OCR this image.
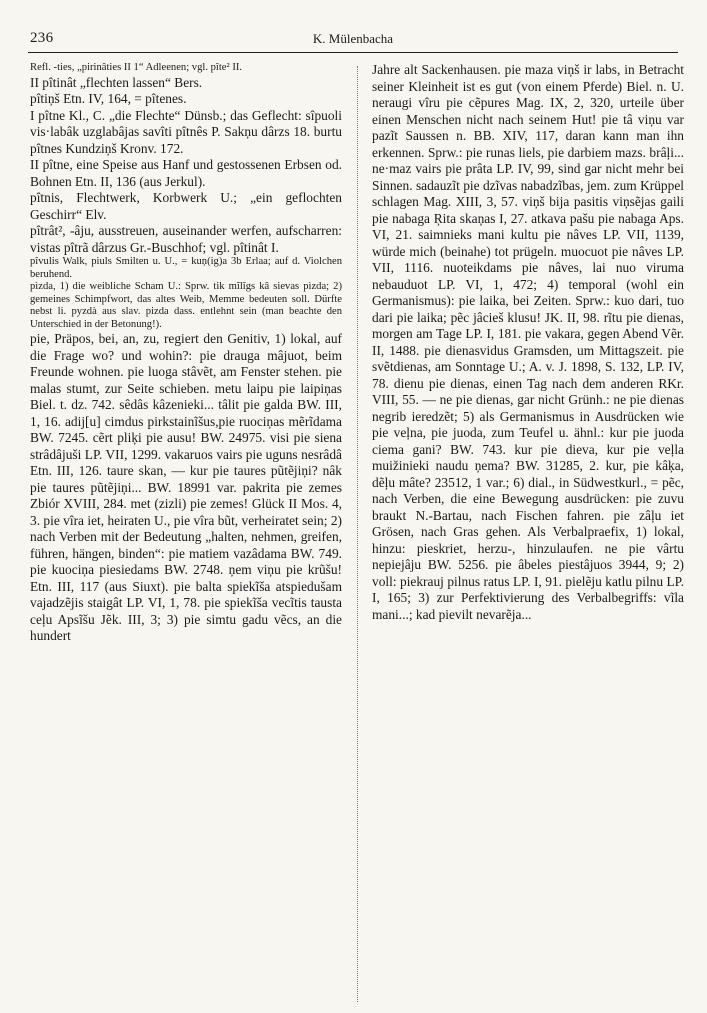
236	K. Mülenbacha

Refl. -ties, „pirinâties II 1“ Adleenen; vgl. pîte² II.

II pîtinât „flechten lassen“ Bers.

pîtiņš Etn. IV, 164, = pîtenes.

I pîtne Kl., C. „die Flechte“ Dünsb.; das Geflecht: sîpuoli vis·labâk uzglabâjas savîti pîtnês P. Sakņu dârzs 18. burtu pîtnes Kundziņš Kronv. 172.

II pîtne, eine Speise aus Hanf und gestossenen Erbsen od. Bohnen Etn. II, 136 (aus Jerkul).

pîtnis, Flechtwerk, Korbwerk U.; „ein geflochten Geschirr“ Elv.

pîtrât², -âju, ausstreuen, auseinander werfen, aufscharren: vistas pîtrã dârzus Gr.-Buschhof; vgl. pîtinât I.

pîvulis Walk, piuls Smilten u. U., = kuņ(ig)a 3b Erlaa; auf d. Violchen beruhend.

pìzda, 1) die weibliche Scham U.: Sprw. tik mĩlĩgs kâ sievas pìzda; 2) gemeines Schimpfwort, das altes Weib, Memme bedeuten soll. Dürfte nebst li. pyzdà aus slav. pizda dass. entlehnt sein (man beachte den Unterschied in der Betonung!).

pie, Präpos, bei, an, zu, regiert den Genitiv, 1) lokal, auf die Frage wo? und wohin?: pie drauga mâjuot, beim Freunde wohnen. pie luoga stâvẽt, am Fenster stehen. pie malas stumt, zur Seite schieben. metu laipu pie laipiņas Biel. t. dz. 742. sêdâs kâzenieki... tâlit pie galda BW. III, 1, 16. adij[u] cimdus pirkstainĩšus,pie ruociņas mẽrĩdama BW. 7245. cẽrt pliķi pie ausu! BW. 24975. visi pie siena strâdâjuši LP. VII, 1299. vakaruos vairs pie uguns nesrâdâ Etn. III, 126. taure skan, — kur pie taures pũtẽjiņi? nâk pie taures pũtẽjiņi... BW. 18991 var. pakrita pie zemes Zbiór XVIII, 284. met (zizli) pie zemes! Glück II Mos. 4, 3. pie vîra iet, heiraten U., pie vîra bũt, verheiratet sein; 2) nach Verben mit der Bedeutung „halten, nehmen, greifen, führen, hängen, binden“: pie matiem vazâdama BW. 749. pie kuociņa piesiedams BW. 2748. ņem viņu pie krũšu! Etn. III, 117 (aus Siuxt). pie balta spiekĩša atspiedušam vajadzẽjis staigât LP. VI, 1, 78. pie spiekĩša vecĩtis tausta ceļu Apsĩšu Jẽk. III, 3; 3) pie simtu gadu vẽcs, an die hundert

Jahre alt Sackenhausen. pie maza viņš ir labs, in Betracht seiner Kleinheit ist es gut (von einem Pferde) Biel. n. U. neraugi vîru pie cẽpures Mag. IX, 2, 320, urteile über einen Menschen nicht nach seinem Hut! pie tâ viņu var pazĩt Saussen n. BB. XIV, 117, daran kann man ihn erkennen. Sprw.: pie runas liels, pie darbiem mazs. brâļi... ne·maz vairs pie prâta LP. IV, 99, sind gar nicht mehr bei Sinnen. sadauzĩt pie dzĩvas nabadzĩbas, jem. zum Krüppel schlagen Mag. XIII, 3, 57. viņš bija pasitis viņsẽjas gaili pie nabaga Ŗita skaņas I, 27. atkava pašu pie nabaga Aps. VI, 21. saimnieks mani kultu pie nâves LP. VII, 1139, würde mich (beinahe) tot prügeln. muocuot pie nâves LP. VII, 1116. nuoteikdams pie nâves, lai nuo viruma nebauduot LP. VI, 1, 472; 4) temporal (wohl ein Germanismus): pie laika, bei Zeiten. Sprw.: kuo dari, tuo dari pie laika; pẽc jâcieš klusu! JK. II, 98. rĩtu pie dienas, morgen am Tage LP. I, 181. pie vakara, gegen Abend Vẽr. II, 1488. pie dienasvidus Gramsden, um Mittagszeit. pie svẽtdienas, am Sonntage U.; A. v. J. 1898, S. 132, LP. IV, 78. dienu pie dienas, einen Tag nach dem anderen RKr. VIII, 55. — ne pie dienas, gar nicht Grünh.: ne pie dienas negrib ieredzẽt; 5) als Germanismus in Ausdrücken wie pie veļna, pie juoda, zum Teufel u. ähnl.: kur pie juoda ciema gani? BW. 743. kur pie dieva, kur pie veļla muižinieki naudu ņema? BW. 31285, 2. kur, pie kâķa, dẽļu mâte? 23512, 1 var.; 6) dial., in Südwestkurl., = pẽc, nach Verben, die eine Bewegung ausdrücken: pie zuvu braukt N.-Bartau, nach Fischen fahren. pie zâļu iet Grösen, nach Gras gehen. Als Verbalpraefix, 1) lokal, hinzu: pieskriet, herzu-, hinzulaufen. ne pie vârtu nepiejâju BW. 5256. pie âbeles piestâjuos 3944, 9; 2) voll: piekrauj pilnus ratus LP. I, 91. pielẽju katlu pilnu LP. I, 165; 3) zur Perfektivierung des Verbalbegriffs: vĩla mani...; kad pievilt nevarẽja...
